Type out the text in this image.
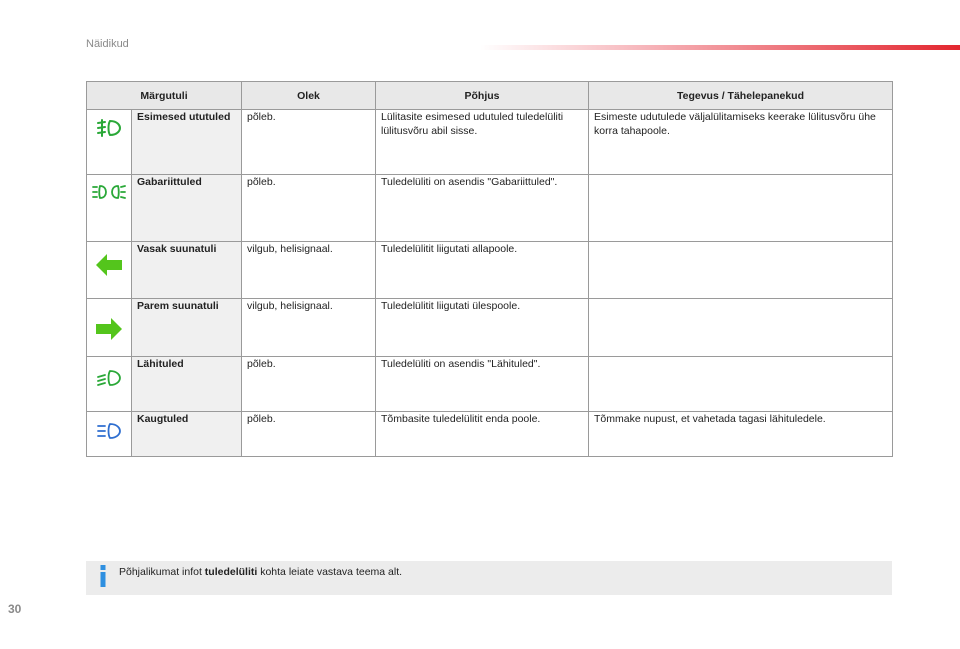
Näidikud
Märgutuli		Olek	Põhjus	Tegevus / Tähelepanekud

	Esimesed ututuled	põleb.	Lülitasite esimesed udutuled tuledelüliti lülitusvõru abil sisse.	Esimeste udutulede väljalülitamiseks keerake lülitusvõru ühe korra tahapoole.

	Gabariittuled	põleb.	Tuledelüliti on asendis "Gabariittuled".	

	Vasak suunatuli	vilgub, helisignaal.	Tuledelülitit liigutati allapoole.	

	Parem suunatuli	vilgub, helisignaal.	Tuledelülitit liigutati ülespoole.	

	Lähituled	põleb.	Tuledelüliti on asendis "Lähituled".	

	Kaugtuled	põleb.	Tõmbasite tuledelülitit enda poole.	Tõmmake nupust, et vahetada tagasi lähituledele.
Põhjalikumat infot tuledelüliti kohta leiate vastava teema alt.
30
